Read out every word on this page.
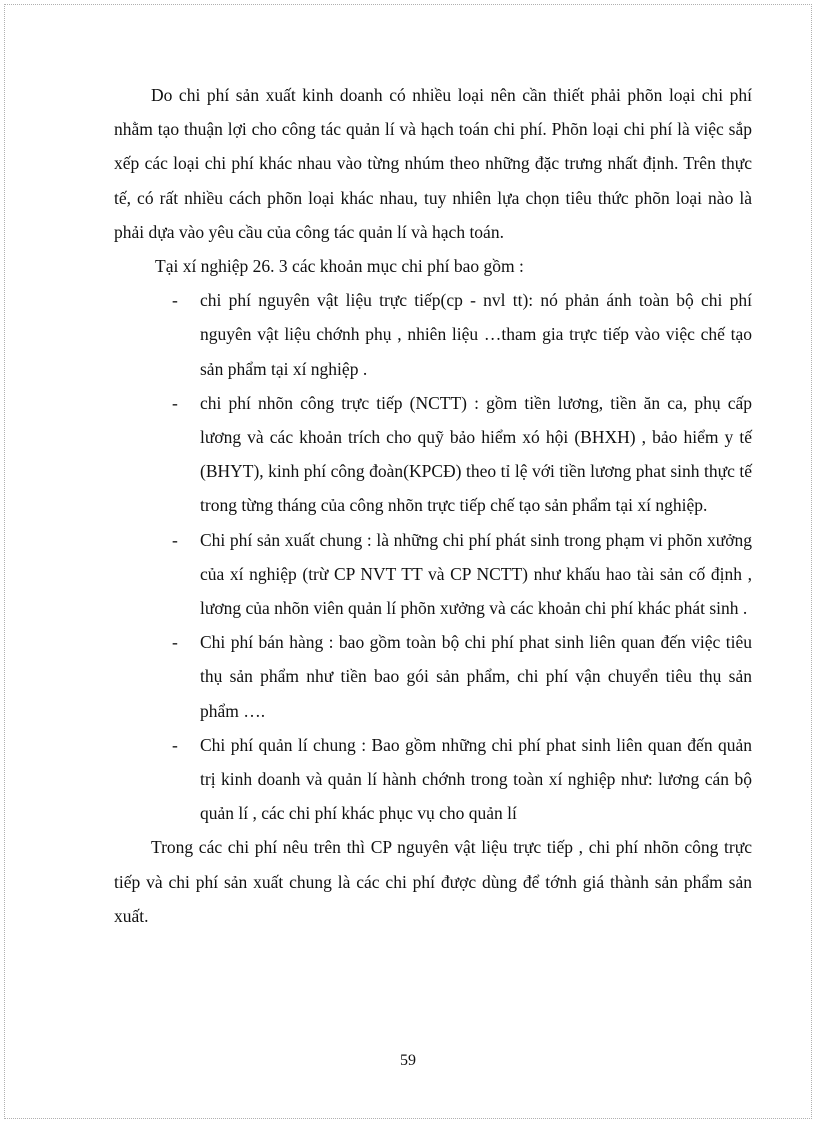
Do chi phí sản xuất kinh doanh có nhiều loại nên cần thiết phải phõn loại chi phí nhằm tạo thuận lợi cho công tác quản lí và hạch toán chi phí. Phõn loại chi phí là việc sắp xếp các loại chi phí khác nhau vào từng nhúm theo những đặc trưng nhất định. Trên thực tế, có rất nhiều cách phõn loại khác nhau, tuy nhiên lựa chọn tiêu thức phõn loại nào là phải dựa vào yêu cầu của công tác quản lí và hạch toán.

Tại xí nghiệp 26. 3 các khoản mục chi phí bao gồm :

- chi phí nguyên vật liệu trực tiếp(cp - nvl tt): nó phản ánh toàn bộ chi phí nguyên vật liệu chớnh phụ , nhiên liệu …tham gia trực tiếp vào việc chế tạo sản phẩm tại xí nghiệp .
- chi phí nhõn công trực tiếp (NCTT) : gồm tiền lương, tiền ăn ca, phụ cấp lương và các khoản trích cho quỹ bảo hiểm xó hội (BHXH) , bảo hiểm y tế (BHYT), kinh phí công đoàn(KPCĐ) theo tỉ lệ với tiền lương phat sinh thực tế trong từng tháng của công nhõn trực tiếp chế tạo sản phẩm tại xí nghiệp.
- Chi phí sản xuất chung : là những chi phí phát sinh trong phạm vi phõn xưởng của xí nghiệp (trừ CP NVT TT và CP NCTT) như khấu hao tài sản cố định , lương của nhõn viên quản lí phõn xưởng và các khoản chi phí khác phát sinh .
- Chi phí bán hàng : bao gồm toàn bộ chi phí phat sinh liên quan đến việc tiêu thụ sản phẩm như tiền bao gói sản phẩm, chi phí vận chuyển tiêu thụ sản phẩm ….
- Chi phí quản lí chung : Bao gồm những chi phí phat sinh liên quan đến quản trị kinh doanh và quản lí hành chớnh trong toàn xí nghiệp như: lương cán bộ quản lí , các chi phí khác phục vụ cho quản lí

Trong các chi phí nêu trên thì CP nguyên vật liệu trực tiếp , chi phí nhõn công trực tiếp và chi phí sản xuất chung là các chi phí được dùng để tớnh giá thành sản phẩm sản xuất.

59
